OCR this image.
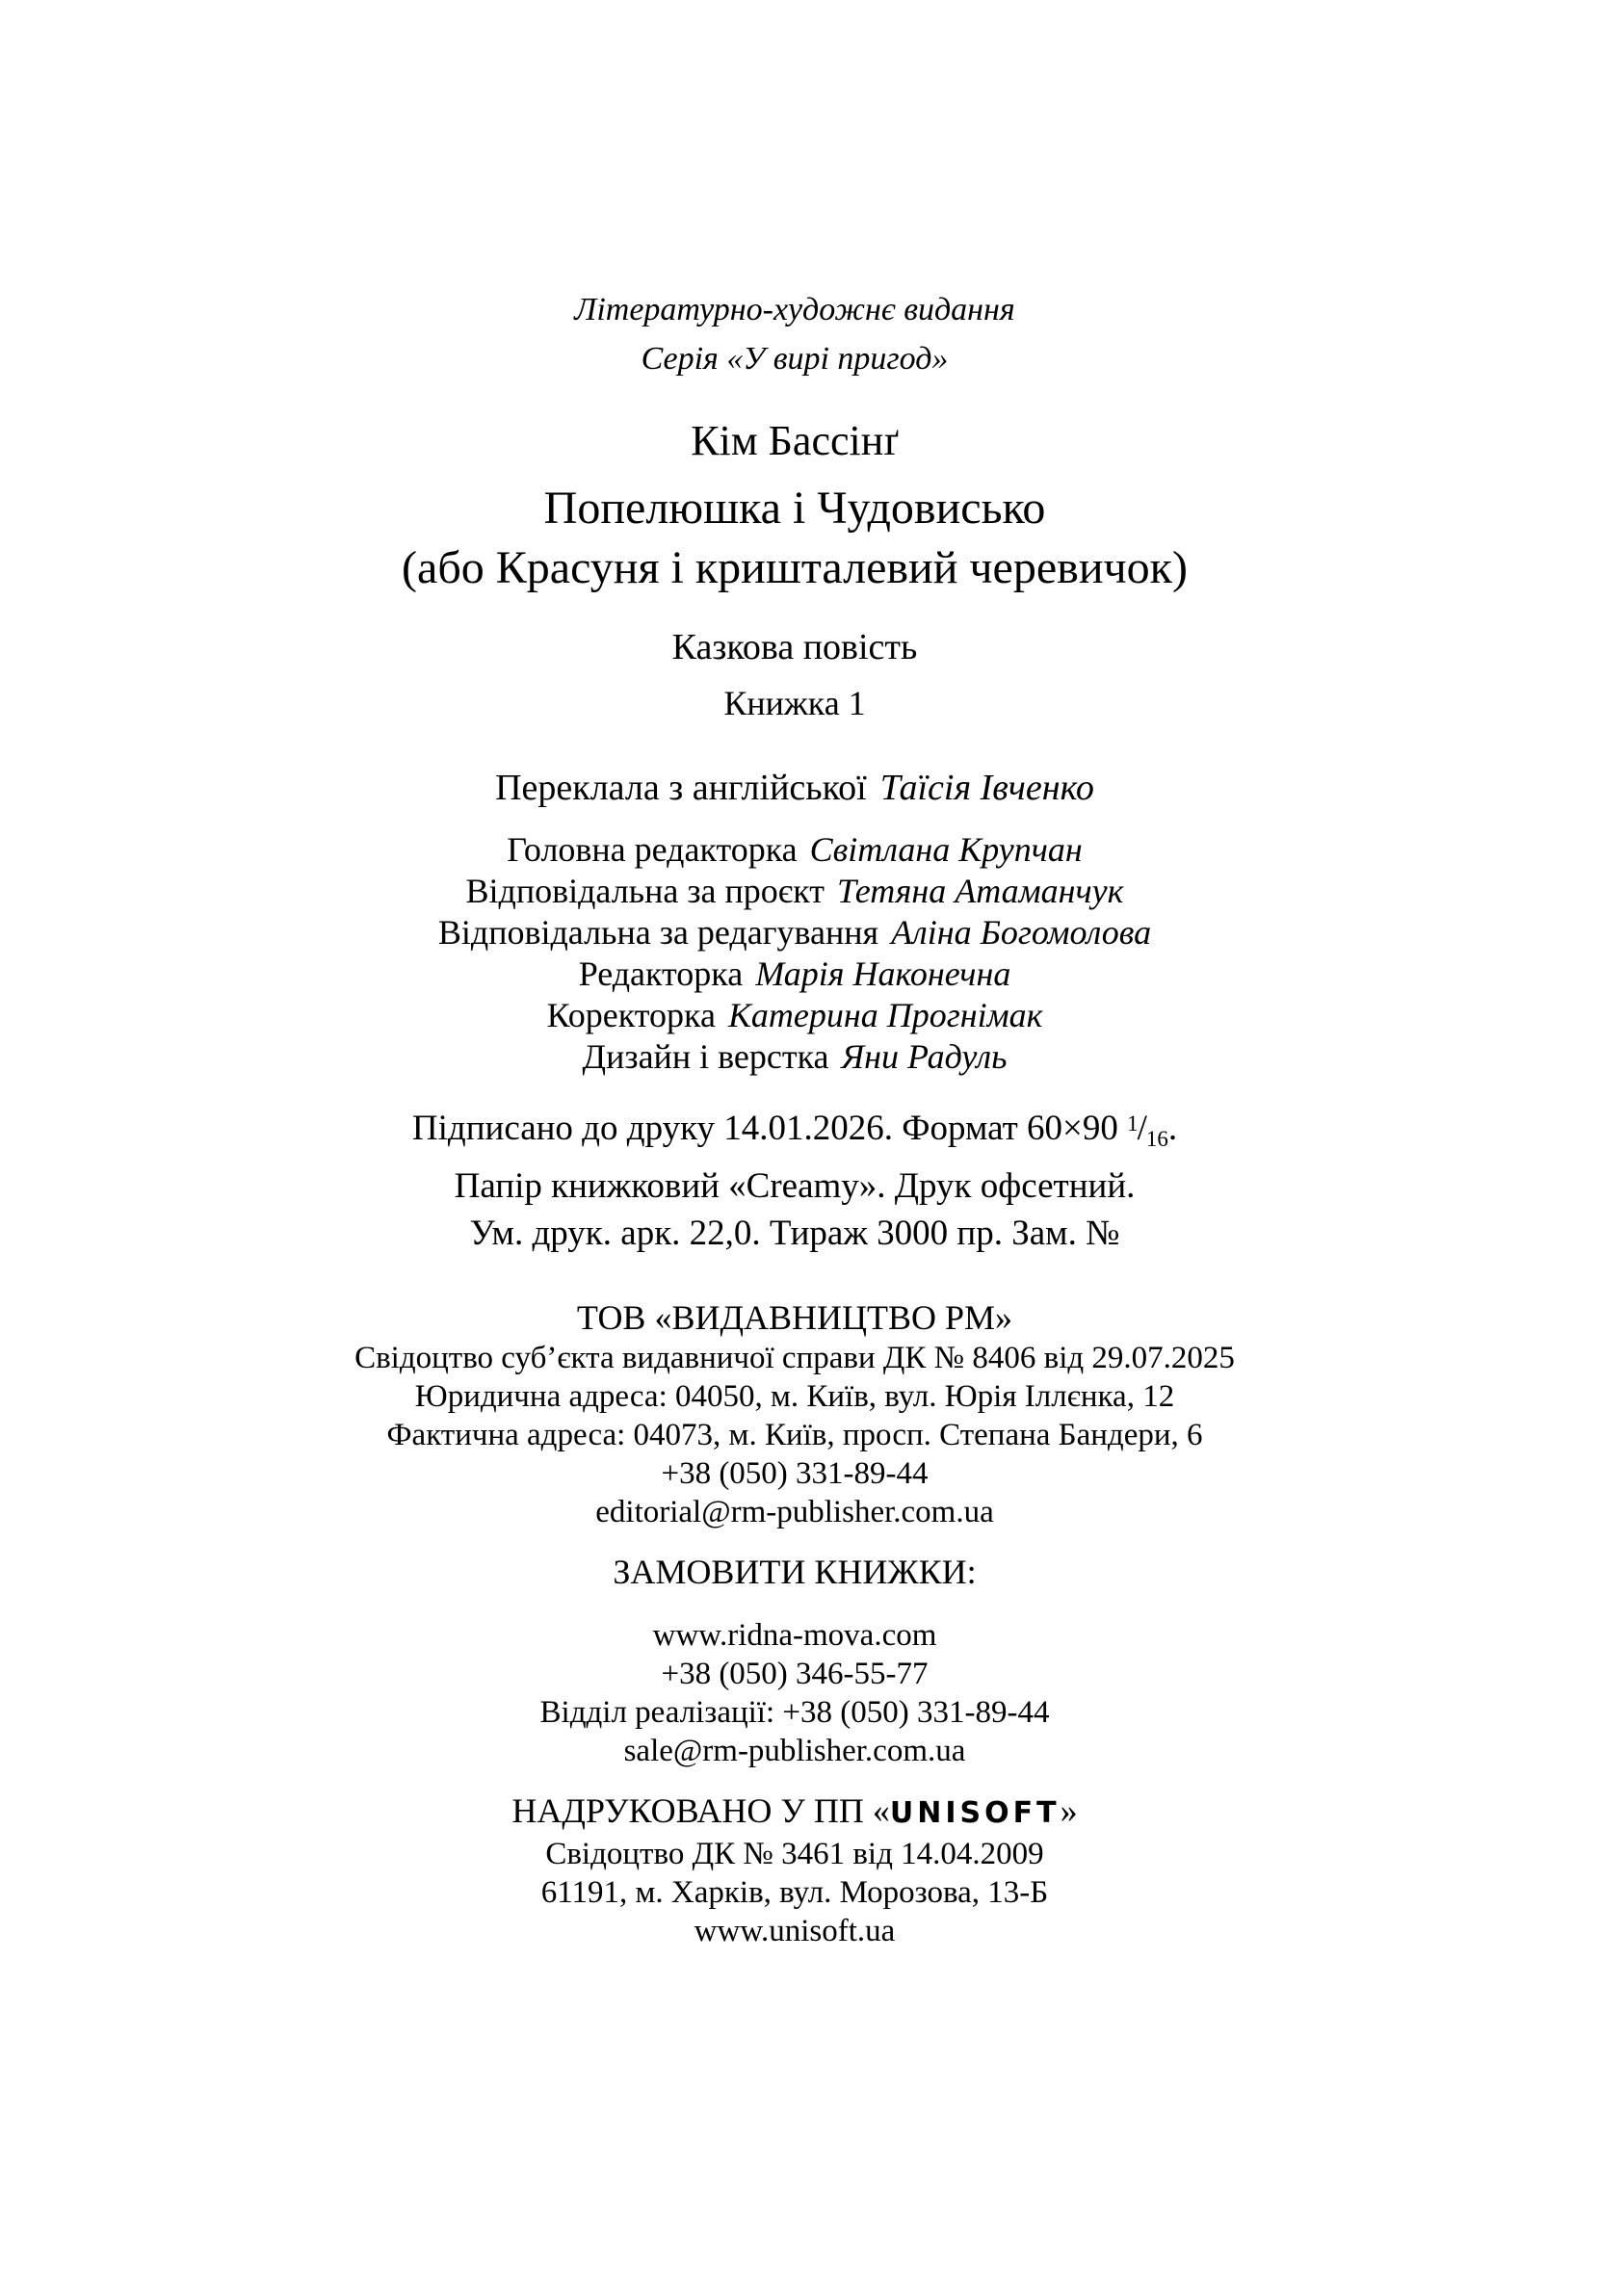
Літературно-художнє видання

Серія «У вирі пригод»

Кім Бассінґ

Попелюшка і Чудовисько
(або Красуня і кришталевий черевичок)

Казкова повість

Книжка 1

Переклала з англійської Таїсія Івченко

Головна редакторка Світлана Крупчан

Відповідальна за проєкт Тетяна Атаманчук

Відповідальна за редагування Аліна Богомолова

Редакторка Марія Наконечна

Коректорка Катерина Прогнімак

Дизайн і верстка Яни Радуль

Підписано до друку 14.01.2026. Формат 60×90 $^1/_{16}$.

Папір книжковий «Creamy». Друк офсетний.

Ум. друк. арк. 22,0. Тираж 3000 пр. Зам. №

ТОВ «ВИДАВНИЦТВО РМ»

Свідоцтво суб’єкта видавничої справи ДК № 8406 від 29.07.2025

Юридична адреса: 04050, м. Київ, вул. Юрія Іллєнка, 12

Фактична адреса: 04073, м. Київ, просп. Степана Бандери, 6

+38 (050) 331-89-44

editorial@rm-publisher.com.ua

ЗАМОВИТИ КНИЖКИ:

www.ridna-mova.com

+38 (050) 346-55-77

Відділ реалізації: +38 (050) 331-89-44

sale@rm-publisher.com.ua

НАДРУКОВАНО У ПП «UNISOFT»

Свідоцтво ДК № 3461 від 14.04.2009

61191, м. Харків, вул. Морозова, 13-Б

www.unisoft.ua
